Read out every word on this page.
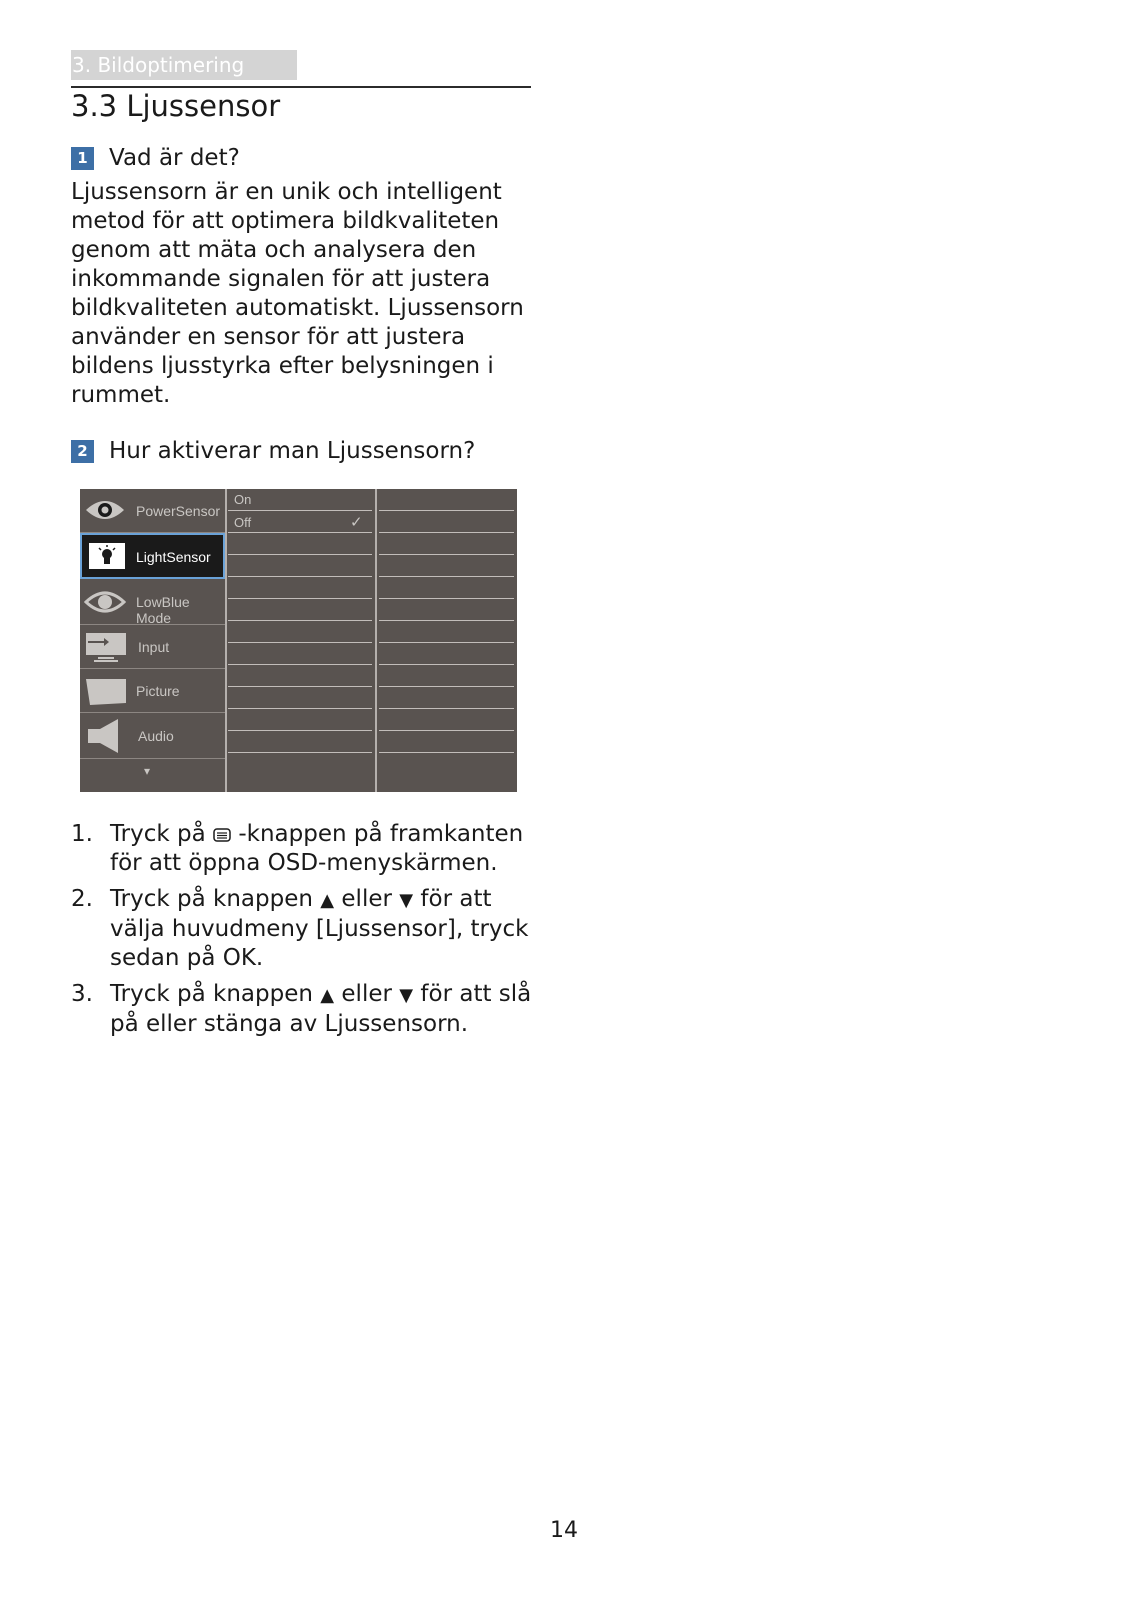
3. Bildoptimering
3.3 Ljussensor
1 Vad är det?

Ljussensorn är en unik och intelligent metod för att optimera bildkvaliteten genom att mäta och analysera den inkommande signalen för att justera bildkvaliteten automatiskt. Ljussensorn använder en sensor för att justera bildens ljusstyrka efter belysningen i rummet.

2 Hur aktiverar man Ljussensorn?
PowerSensor
LightSensor
LowBlue Mode
Input
Picture
Audio
▾
On
Off	✓
1. Tryck på  -knappen på framkanten för att öppna OSD-menyskärmen.
2. Tryck på knappen ▲ eller ▼ för att välja huvudmeny [Ljussensor], tryck sedan på OK.
3. Tryck på knappen ▲ eller ▼ för att slå på eller stänga av Ljussensorn.
14
